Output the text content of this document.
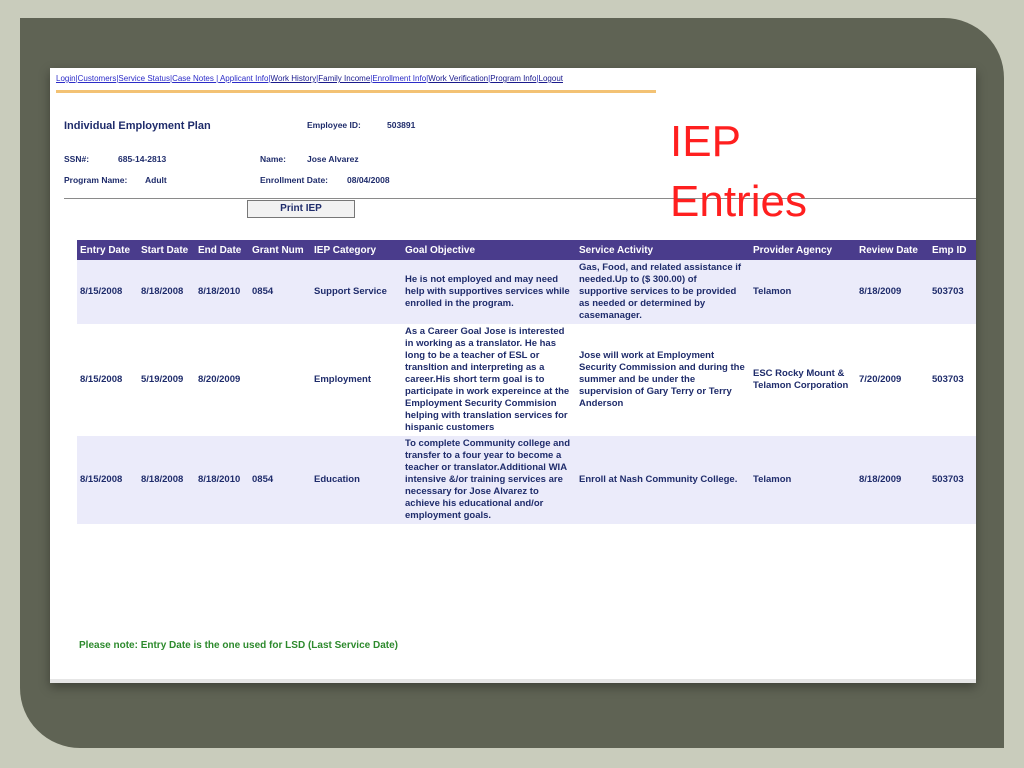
Login|Customers|Service Status|Case Notes | Applicant Info|Work History|Family Income|Enrollment Info|Work Verification|Program Info|Logout
Individual Employment Plan	Employee ID:	503891
SSN#:	685-14-2813	Name: Jose Alvarez
Program Name: Adult	Enrollment Date: 08/04/2008
Print IEP
IEP
Entries
Entry Date	Start Date	End Date	Grant Num	IEP Category	Goal Objective	Service Activity	Provider Agency	Review Date	Emp ID
8/15/2008	8/18/2008	8/18/2010	0854	Support Service	He is not employed and may need help with supportives services while enrolled in the program.	Gas, Food, and related assistance if needed.Up to ($ 300.00) of supportive services to be provided as needed or determined by casemanager.	Telamon	8/18/2009	503703
8/15/2008	5/19/2009	8/20/2009		Employment	As a Career Goal Jose is interested in working as a translator. He has long to be a teacher of ESL or transltion and interpreting as a career.His short term goal is to participate in work expereince at the Employment Security Commision helping with translation services for hispanic customers	Jose will work at Employment Security Commission and during the summer and be under the supervision of Gary Terry or Terry Anderson	ESC Rocky Mount & Telamon Corporation	7/20/2009	503703
8/15/2008	8/18/2008	8/18/2010	0854	Education	To complete Community college and transfer to a four year to become a teacher or translator.Additional WIA intensive &/or training services are necessary for Jose Alvarez to achieve his educational and/or employment goals.	Enroll at Nash Community College.	Telamon	8/18/2009	503703
Please note: Entry Date is the one used for LSD (Last Service Date)
